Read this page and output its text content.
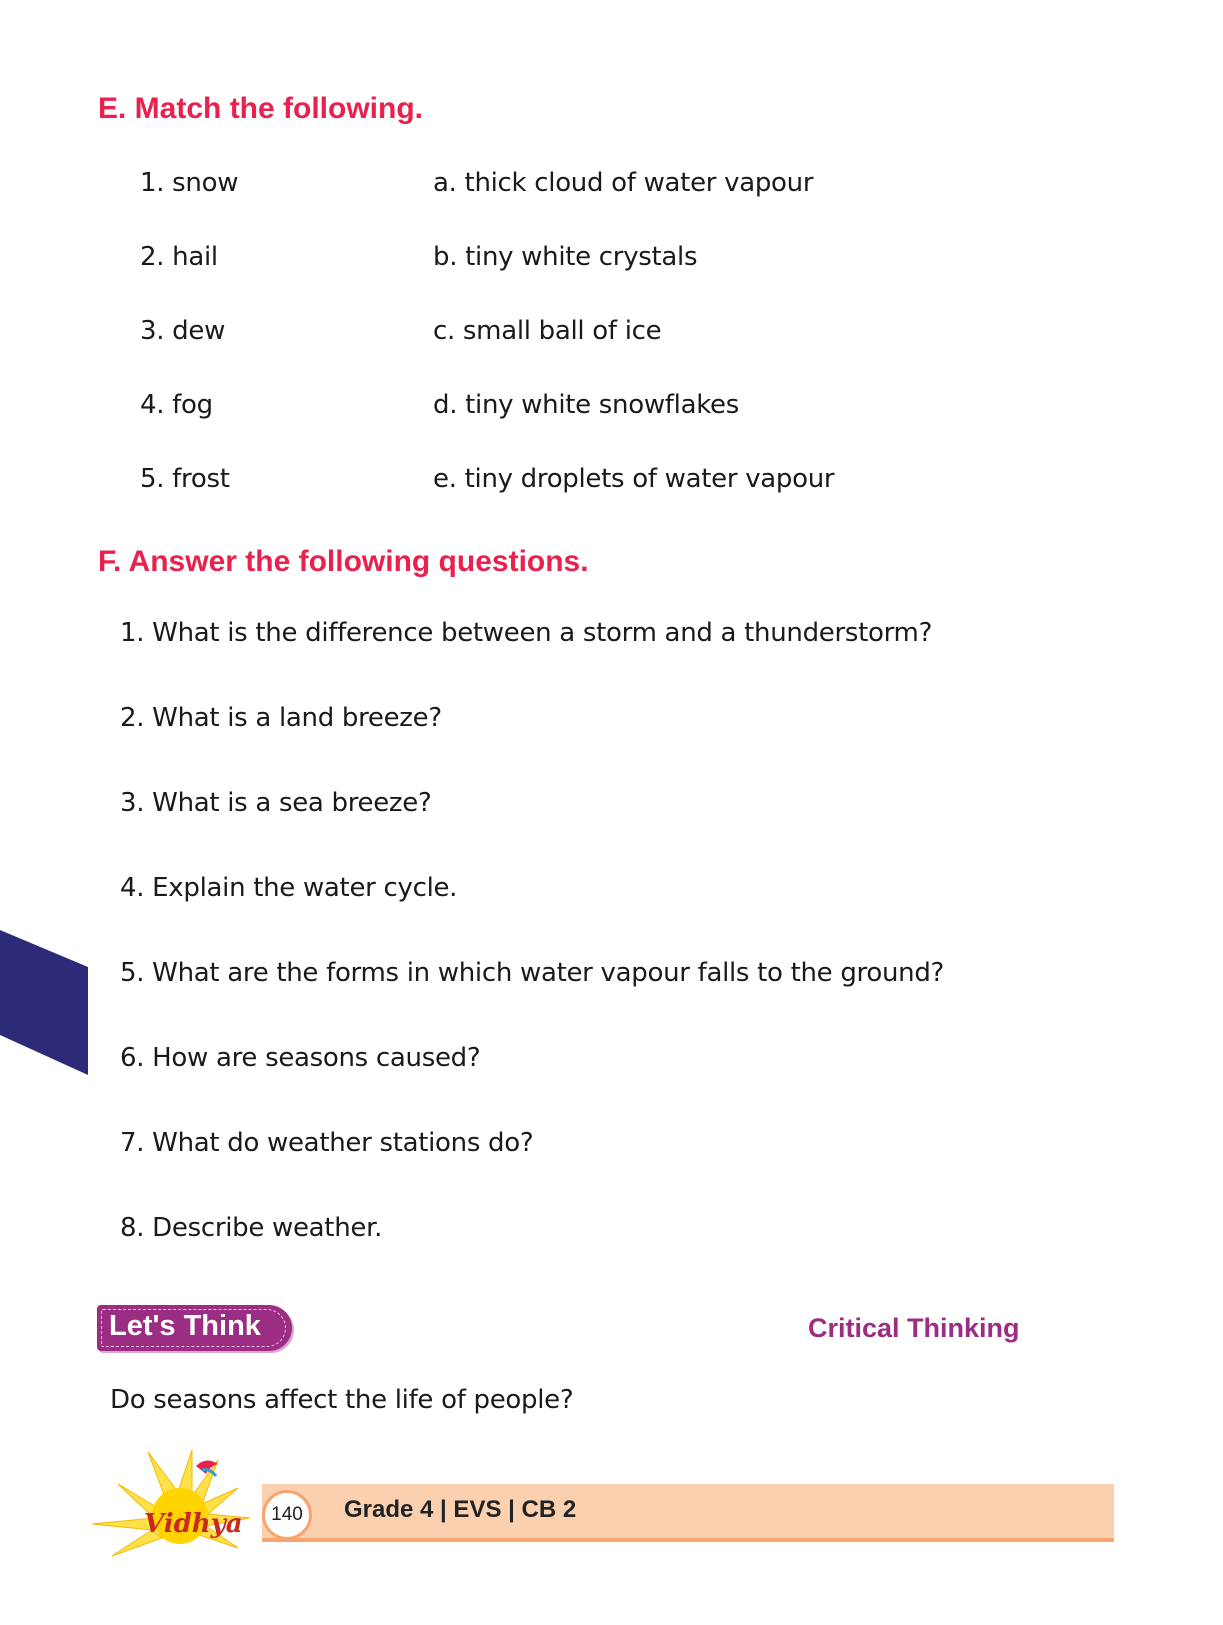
E. Match the following.
1. snow
2. hail
3. dew
4. fog
5. frost
a. thick cloud of water vapour
b. tiny white crystals
c. small ball of ice
d. tiny white snowflakes
e. tiny droplets of water vapour
F. Answer the following questions.
1. What is the difference between a storm and a thunderstorm?
2. What is a land breeze?
3. What is a sea breeze?
4. Explain the water cycle.
5. What are the forms in which water vapour falls to the ground?
6. How are seasons caused?
7. What do weather stations do?
8. Describe weather.
Let's Think	Critical Thinking
Do seasons affect the life of people?
140	Grade 4 | EVS | CB 2
Vidhya
